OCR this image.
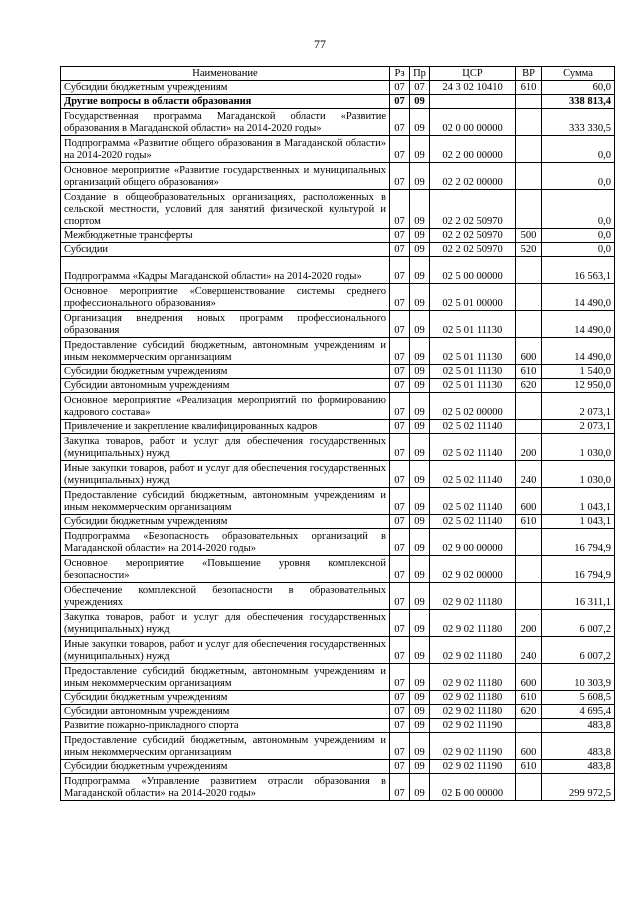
77
Наименование	Рз	Пр	ЦСР	ВР	Сумма
Субсидии бюджетным учреждениям	07	07	24 3 02 10410	610	60,0
Другие вопросы в области образования	07	09			338 813,4
Государственная программа Магаданской области «Развитие образования в Магаданской области» на 2014-2020 годы»	07	09	02 0 00 00000		333 330,5
Подпрограмма «Развитие общего образования в Магаданской области» на 2014-2020 годы»	07	09	02 2 00 00000		0,0
Основное мероприятие «Развитие государственных и муниципальных организаций общего образования»	07	09	02 2 02 00000		0,0
Создание в общеобразовательных организациях, расположенных в сельской местности, условий для занятий физической культурой и спортом	07	09	02 2 02 50970		0,0
Межбюджетные трансферты	07	09	02 2 02 50970	500	0,0
Субсидии	07	09	02 2 02 50970	520	0,0
Подпрограмма «Кадры Магаданской области» на 2014-2020 годы»	07	09	02 5 00 00000		16 563,1
Основное мероприятие «Совершенствование системы среднего профессионального образования»	07	09	02 5 01 00000		14 490,0
Организация внедрения новых программ профессионального образования	07	09	02 5 01 11130		14 490,0
Предоставление субсидий бюджетным, автономным учреждениям и иным некоммерческим организациям	07	09	02 5 01 11130	600	14 490,0
Субсидии бюджетным учреждениям	07	09	02 5 01 11130	610	1 540,0
Субсидии автономным учреждениям	07	09	02 5 01 11130	620	12 950,0
Основное мероприятие «Реализация мероприятий по формированию кадрового состава»	07	09	02 5 02 00000		2 073,1
Привлечение и закрепление квалифицированных кадров	07	09	02 5 02 11140		2 073,1
Закупка товаров, работ и услуг для обеспечения государственных (муниципальных) нужд	07	09	02 5 02 11140	200	1 030,0
Иные закупки товаров, работ и услуг для обеспечения государственных (муниципальных) нужд	07	09	02 5 02 11140	240	1 030,0
Предоставление субсидий бюджетным, автономным учреждениям и иным некоммерческим организациям	07	09	02 5 02 11140	600	1 043,1
Субсидии бюджетным учреждениям	07	09	02 5 02 11140	610	1 043,1
Подпрограмма «Безопасность образовательных организаций в Магаданской области» на 2014-2020 годы»	07	09	02 9 00 00000		16 794,9
Основное мероприятие «Повышение уровня комплексной безопасности»	07	09	02 9 02 00000		16 794,9
Обеспечение комплексной безопасности в образовательных учреждениях	07	09	02 9 02 11180		16 311,1
Закупка товаров, работ и услуг для обеспечения государственных (муниципальных) нужд	07	09	02 9 02 11180	200	6 007,2
Иные закупки товаров, работ и услуг для обеспечения государственных (муниципальных) нужд	07	09	02 9 02 11180	240	6 007,2
Предоставление субсидий бюджетным, автономным учреждениям и иным некоммерческим организациям	07	09	02 9 02 11180	600	10 303,9
Субсидии бюджетным учреждениям	07	09	02 9 02 11180	610	5 608,5
Субсидии автономным учреждениям	07	09	02 9 02 11180	620	4 695,4
Развитие пожарно-прикладного спорта	07	09	02 9 02 11190		483,8
Предоставление субсидий бюджетным, автономным учреждениям и иным некоммерческим организациям	07	09	02 9 02 11190	600	483,8
Субсидии бюджетным учреждениям	07	09	02 9 02 11190	610	483,8
Подпрограмма «Управление развитием отрасли образования в Магаданской области» на 2014-2020 годы»	07	09	02 Б 00 00000		299 972,5
